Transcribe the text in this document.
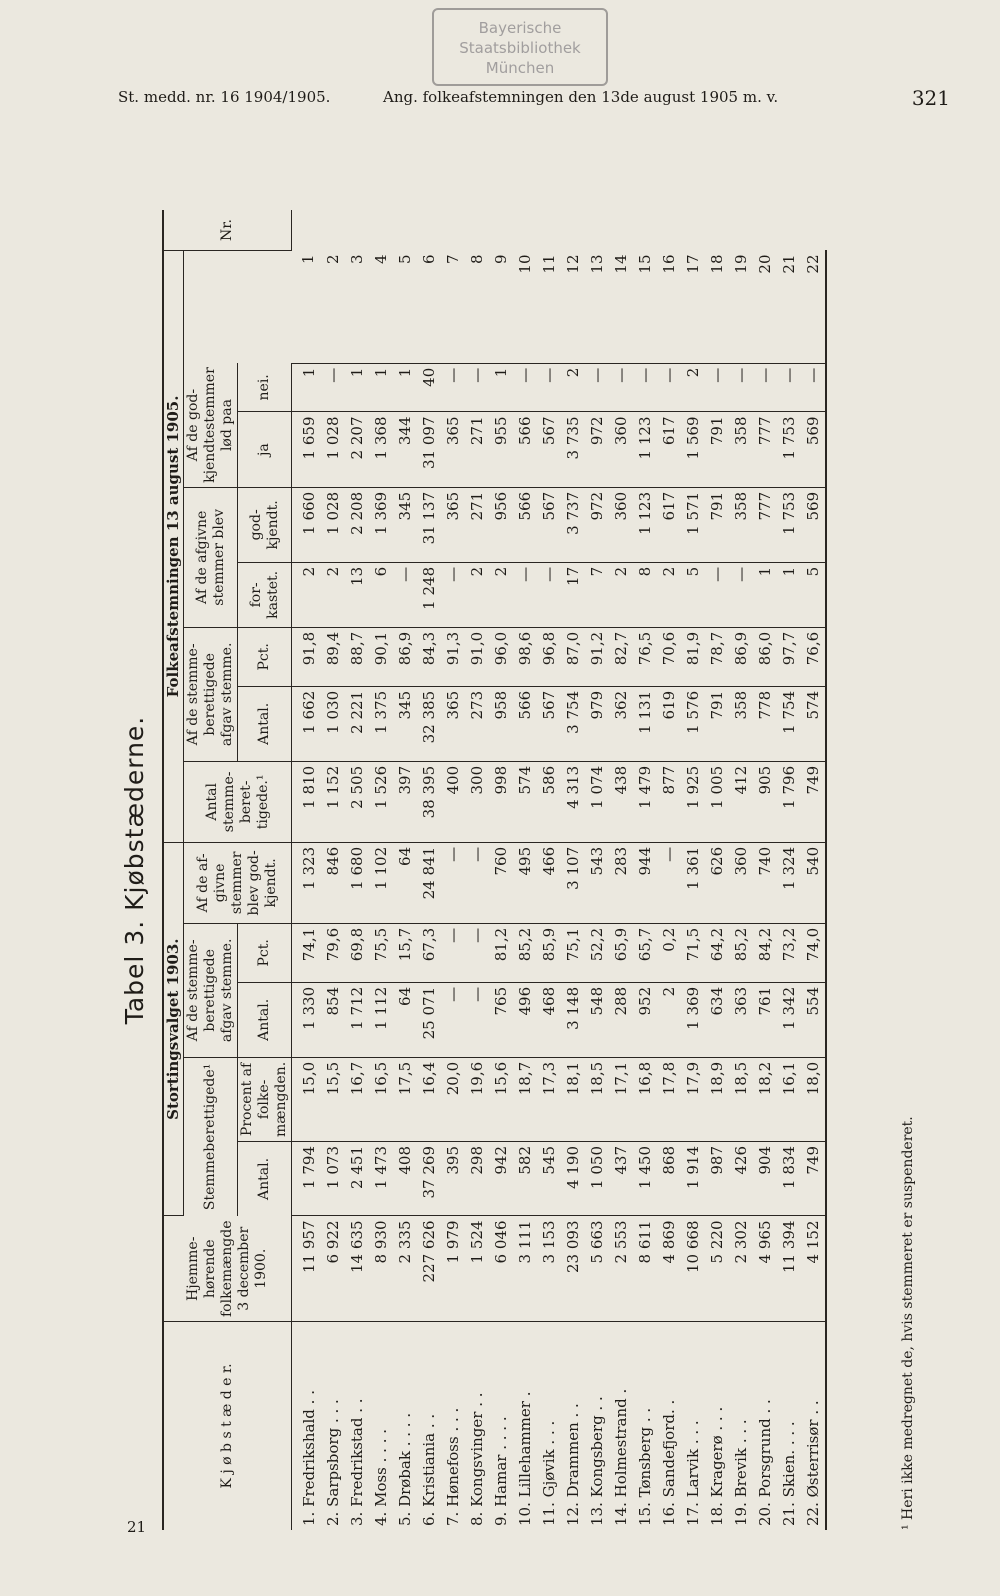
Bayerische
Staatsbibliothek
München
St. medd. nr. 16 1904/1905.	Ang. folkeafstemningen den 13de august 1905 m. v.	321
21
Tabel 3. Kjøbstæderne.
K j ø b s t æ d e r.	Hjemme-hørende folkemængde 3 december 1900.	Stortingsvalget 1903.					Folkeafstemningen 13 august 1905.								Nr.
		Stemmeberettigede¹		Af de stemme-berettigede afgav stemme.		Af de af-givne stemmer blev god-kjendt.	Antal stemme-beret-tigede.¹	Af de stemme-berettigede afgav stemme.		Af de afgivne stemmer blev		Af de god-kjendtestemmer lød paa			
		Antal.	Procent af folke-mængden.	Antal.	Pct.			Antal.	Pct.	for-kastet.	god-kjendt.	ja	nei.		
1. Fredrikshald . .	11 957	1 794	15,0	1 330	74,1	1 323	1 810	1 662	91,8	2	1 660	1 659	1	1	
2. Sarpsborg . . .	6 922	1 073	15,5	854	79,6	846	1 152	1 030	89,4	2	1 028	1 028	—	2	
3. Fredrikstad . .	14 635	2 451	16,7	1 712	69,8	1 680	2 505	2 221	88,7	13	2 208	2 207	1	3	
4. Moss . . . .	8 930	1 473	16,5	1 112	75,5	1 102	1 526	1 375	90,1	6	1 369	1 368	1	4	
5. Drøbak . . . .	2 335	408	17,5	64	15,7	64	397	345	86,9	—	345	344	1	5	
6. Kristiania . .	227 626	37 269	16,4	25 071	67,3	24 841	38 395	32 385	84,3	1 248	31 137	31 097	40	6	
7. Hønefoss . . .	1 979	395	20,0	—	—	—	400	365	91,3	—	365	365	—	7	
8. Kongsvinger . .	1 524	298	19,6	—	—	—	300	273	91,0	2	271	271	—	8	
9. Hamar . . . .	6 046	942	15,6	765	81,2	760	998	958	96,0	2	956	955	1	9	
10. Lillehammer .	3 111	582	18,7	496	85,2	495	574	566	98,6	—	566	566	—	10	
11. Gjøvik . . .	3 153	545	17,3	468	85,9	466	586	567	96,8	—	567	567	—	11	
12. Drammen . .	23 093	4 190	18,1	3 148	75,1	3 107	4 313	3 754	87,0	17	3 737	3 735	2	12	
13. Kongsberg . .	5 663	1 050	18,5	548	52,2	543	1 074	979	91,2	7	972	972	—	13	
14. Holmestrand .	2 553	437	17,1	288	65,9	283	438	362	82,7	2	360	360	—	14	
15. Tønsberg . .	8 611	1 450	16,8	952	65,7	944	1 479	1 131	76,5	8	1 123	1 123	—	15	
16. Sandefjord. .	4 869	868	17,8	2	0,2	—	877	619	70,6	2	617	617	—	16	
17. Larvik . . .	10 668	1 914	17,9	1 369	71,5	1 361	1 925	1 576	81,9	5	1 571	1 569	2	17	
18. Kragerø . . .	5 220	987	18,9	634	64,2	626	1 005	791	78,7	—	791	791	—	18	
19. Brevik . . .	2 302	426	18,5	363	85,2	360	412	358	86,9	—	358	358	—	19	
20. Porsgrund . .	4 965	904	18,2	761	84,2	740	905	778	86,0	1	777	777	—	20	
21. Skien. . . .	11 394	1 834	16,1	1 342	73,2	1 324	1 796	1 754	97,7	1	1 753	1 753	—	21	
22. Østerrisør . .	4 152	749	18,0	554	74,0	540	749	574	76,6	5	569	569	—	22	
¹ Heri ikke medregnet de, hvis stemmeret er suspenderet.
